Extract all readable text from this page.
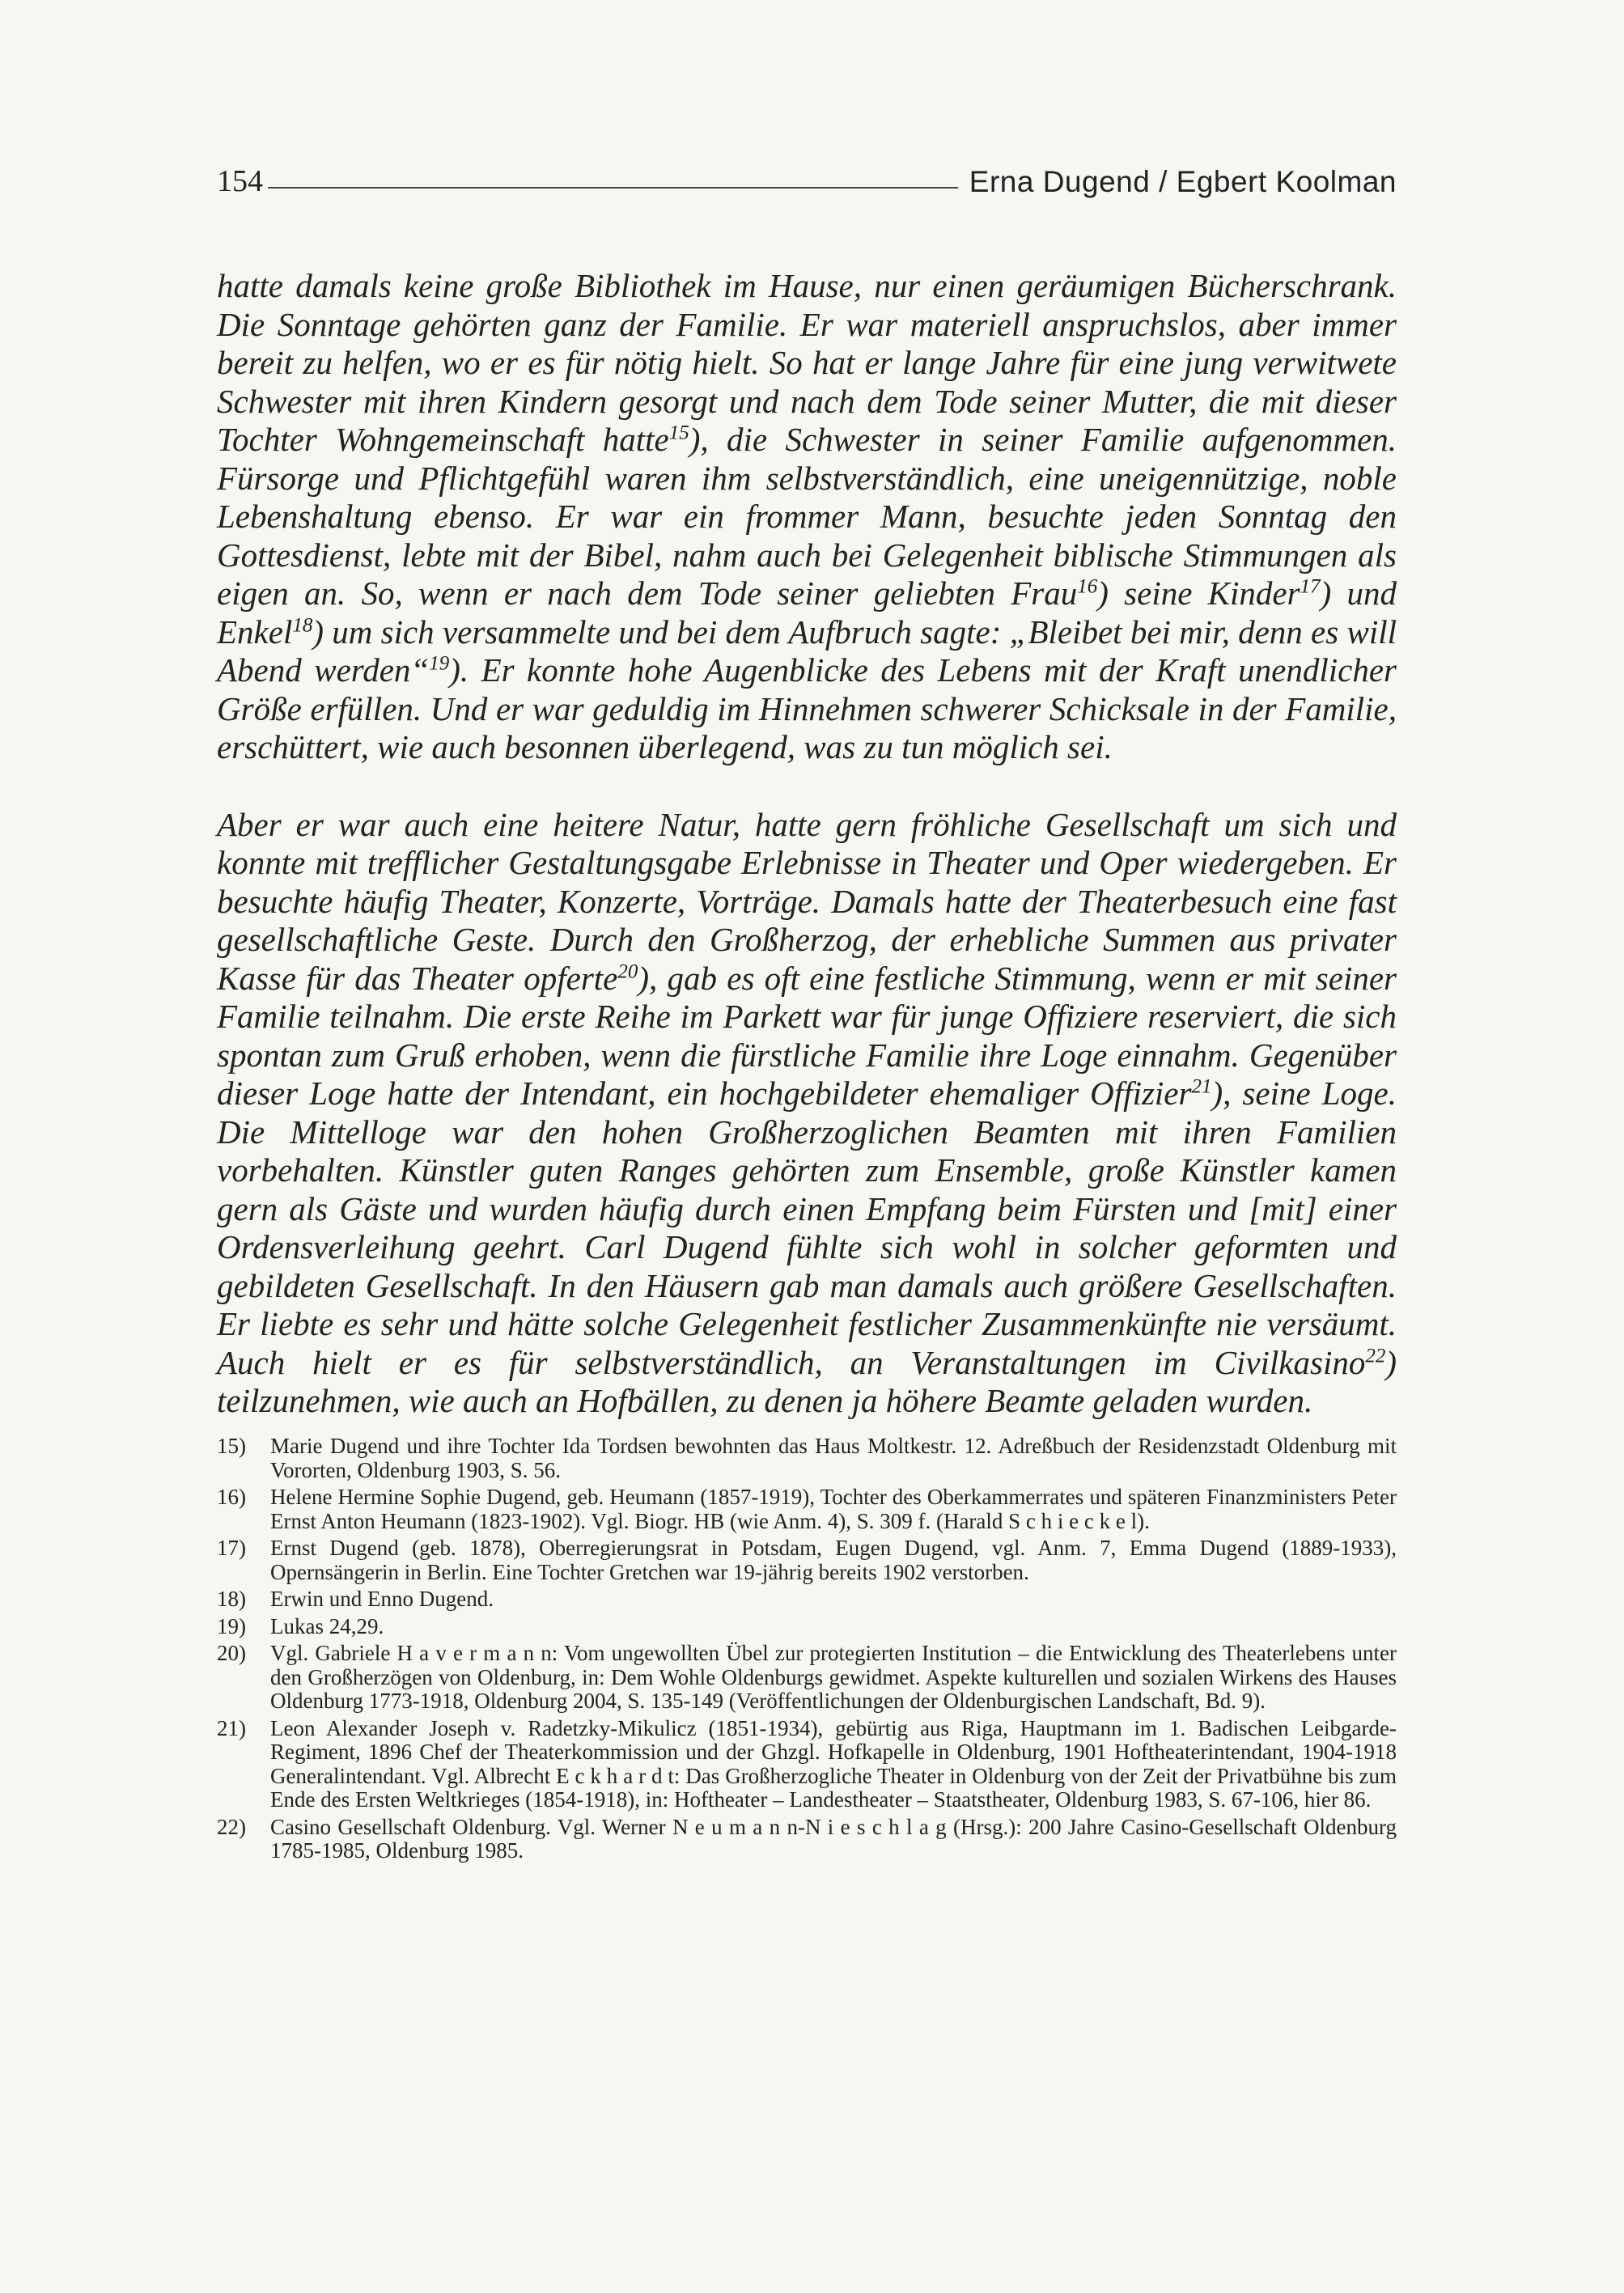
154	Erna Dugend / Egbert Koolman

hatte damals keine große Bibliothek im Hause, nur einen geräumigen Bücherschrank. Die Sonntage gehörten ganz der Familie. Er war materiell anspruchslos, aber immer bereit zu helfen, wo er es für nötig hielt. So hat er lange Jahre für eine jung verwitwete Schwester mit ihren Kindern gesorgt und nach dem Tode seiner Mutter, die mit dieser Tochter Wohngemeinschaft hatte$^{15}$), die Schwester in seiner Familie aufgenommen. Fürsorge und Pflichtgefühl waren ihm selbstverständlich, eine uneigennützige, noble Lebenshaltung ebenso. Er war ein frommer Mann, besuchte jeden Sonntag den Gottesdienst, lebte mit der Bibel, nahm auch bei Gelegenheit biblische Stimmungen als eigen an. So, wenn er nach dem Tode seiner geliebten Frau$^{16}$) seine Kinder$^{17}$) und Enkel$^{18}$) um sich versammelte und bei dem Aufbruch sagte: „Bleibet bei mir, denn es will Abend werden“$^{19}$). Er konnte hohe Augenblicke des Lebens mit der Kraft unendlicher Größe erfüllen. Und er war geduldig im Hinnehmen schwerer Schicksale in der Familie, erschüttert, wie auch besonnen überlegend, was zu tun möglich sei.

Aber er war auch eine heitere Natur, hatte gern fröhliche Gesellschaft um sich und konnte mit trefflicher Gestaltungsgabe Erlebnisse in Theater und Oper wiedergeben. Er besuchte häufig Theater, Konzerte, Vorträge. Damals hatte der Theaterbesuch eine fast gesellschaftliche Geste. Durch den Großherzog, der erhebliche Summen aus privater Kasse für das Theater opferte$^{20}$), gab es oft eine festliche Stimmung, wenn er mit seiner Familie teilnahm. Die erste Reihe im Parkett war für junge Offiziere reserviert, die sich spontan zum Gruß erhoben, wenn die fürstliche Familie ihre Loge einnahm. Gegenüber dieser Loge hatte der Intendant, ein hochgebildeter ehemaliger Offizier$^{21}$), seine Loge. Die Mittelloge war den hohen Großherzoglichen Beamten mit ihren Familien vorbehalten. Künstler guten Ranges gehörten zum Ensemble, große Künstler kamen gern als Gäste und wurden häufig durch einen Empfang beim Fürsten und [mit] einer Ordensverleihung geehrt. Carl Dugend fühlte sich wohl in solcher geformten und gebildeten Gesellschaft. In den Häusern gab man damals auch größere Gesellschaften. Er liebte es sehr und hätte solche Gelegenheit festlicher Zusammenkünfte nie versäumt. Auch hielt er es für selbstverständlich, an Veranstaltungen im Civilkasino$^{22}$) teilzunehmen, wie auch an Hofbällen, zu denen ja höhere Beamte geladen wurden.

15)	Marie Dugend und ihre Tochter Ida Tordsen bewohnten das Haus Moltkestr. 12. Adreßbuch der Residenzstadt Oldenburg mit Vororten, Oldenburg 1903, S. 56.
16)	Helene Hermine Sophie Dugend, geb. Heumann (1857-1919), Tochter des Oberkammerrates und späteren Finanzministers Peter Ernst Anton Heumann (1823-1902). Vgl. Biogr. HB (wie Anm. 4), S. 309 f. (Harald S c h i e c k e l).
17)	Ernst Dugend (geb. 1878), Oberregierungsrat in Potsdam, Eugen Dugend, vgl. Anm. 7, Emma Dugend (1889-1933), Opernsängerin in Berlin. Eine Tochter Gretchen war 19-jährig bereits 1902 verstorben.
18)	Erwin und Enno Dugend.
19)	Lukas 24,29.
20)	Vgl. Gabriele H a v e r m a n n: Vom ungewollten Übel zur protegierten Institution – die Entwicklung des Theaterlebens unter den Großherzögen von Oldenburg, in: Dem Wohle Oldenburgs gewidmet. Aspekte kulturellen und sozialen Wirkens des Hauses Oldenburg 1773-1918, Oldenburg 2004, S. 135-149 (Veröffentlichungen der Oldenburgischen Landschaft, Bd. 9).
21)	Leon Alexander Joseph v. Radetzky-Mikulicz (1851-1934), gebürtig aus Riga, Hauptmann im 1. Badischen Leibgarde-Regiment, 1896 Chef der Theaterkommission und der Ghzgl. Hofkapelle in Oldenburg, 1901 Hoftheaterintendant, 1904-1918 Generalintendant. Vgl. Albrecht E c k h a r d t: Das Großherzogliche Theater in Oldenburg von der Zeit der Privatbühne bis zum Ende des Ersten Weltkrieges (1854-1918), in: Hoftheater – Landestheater – Staatstheater, Oldenburg 1983, S. 67-106, hier 86.
22)	Casino Gesellschaft Oldenburg. Vgl. Werner N e u m a n n-N i e s c h l a g (Hrsg.): 200 Jahre Casino-Gesellschaft Oldenburg 1785-1985, Oldenburg 1985.
